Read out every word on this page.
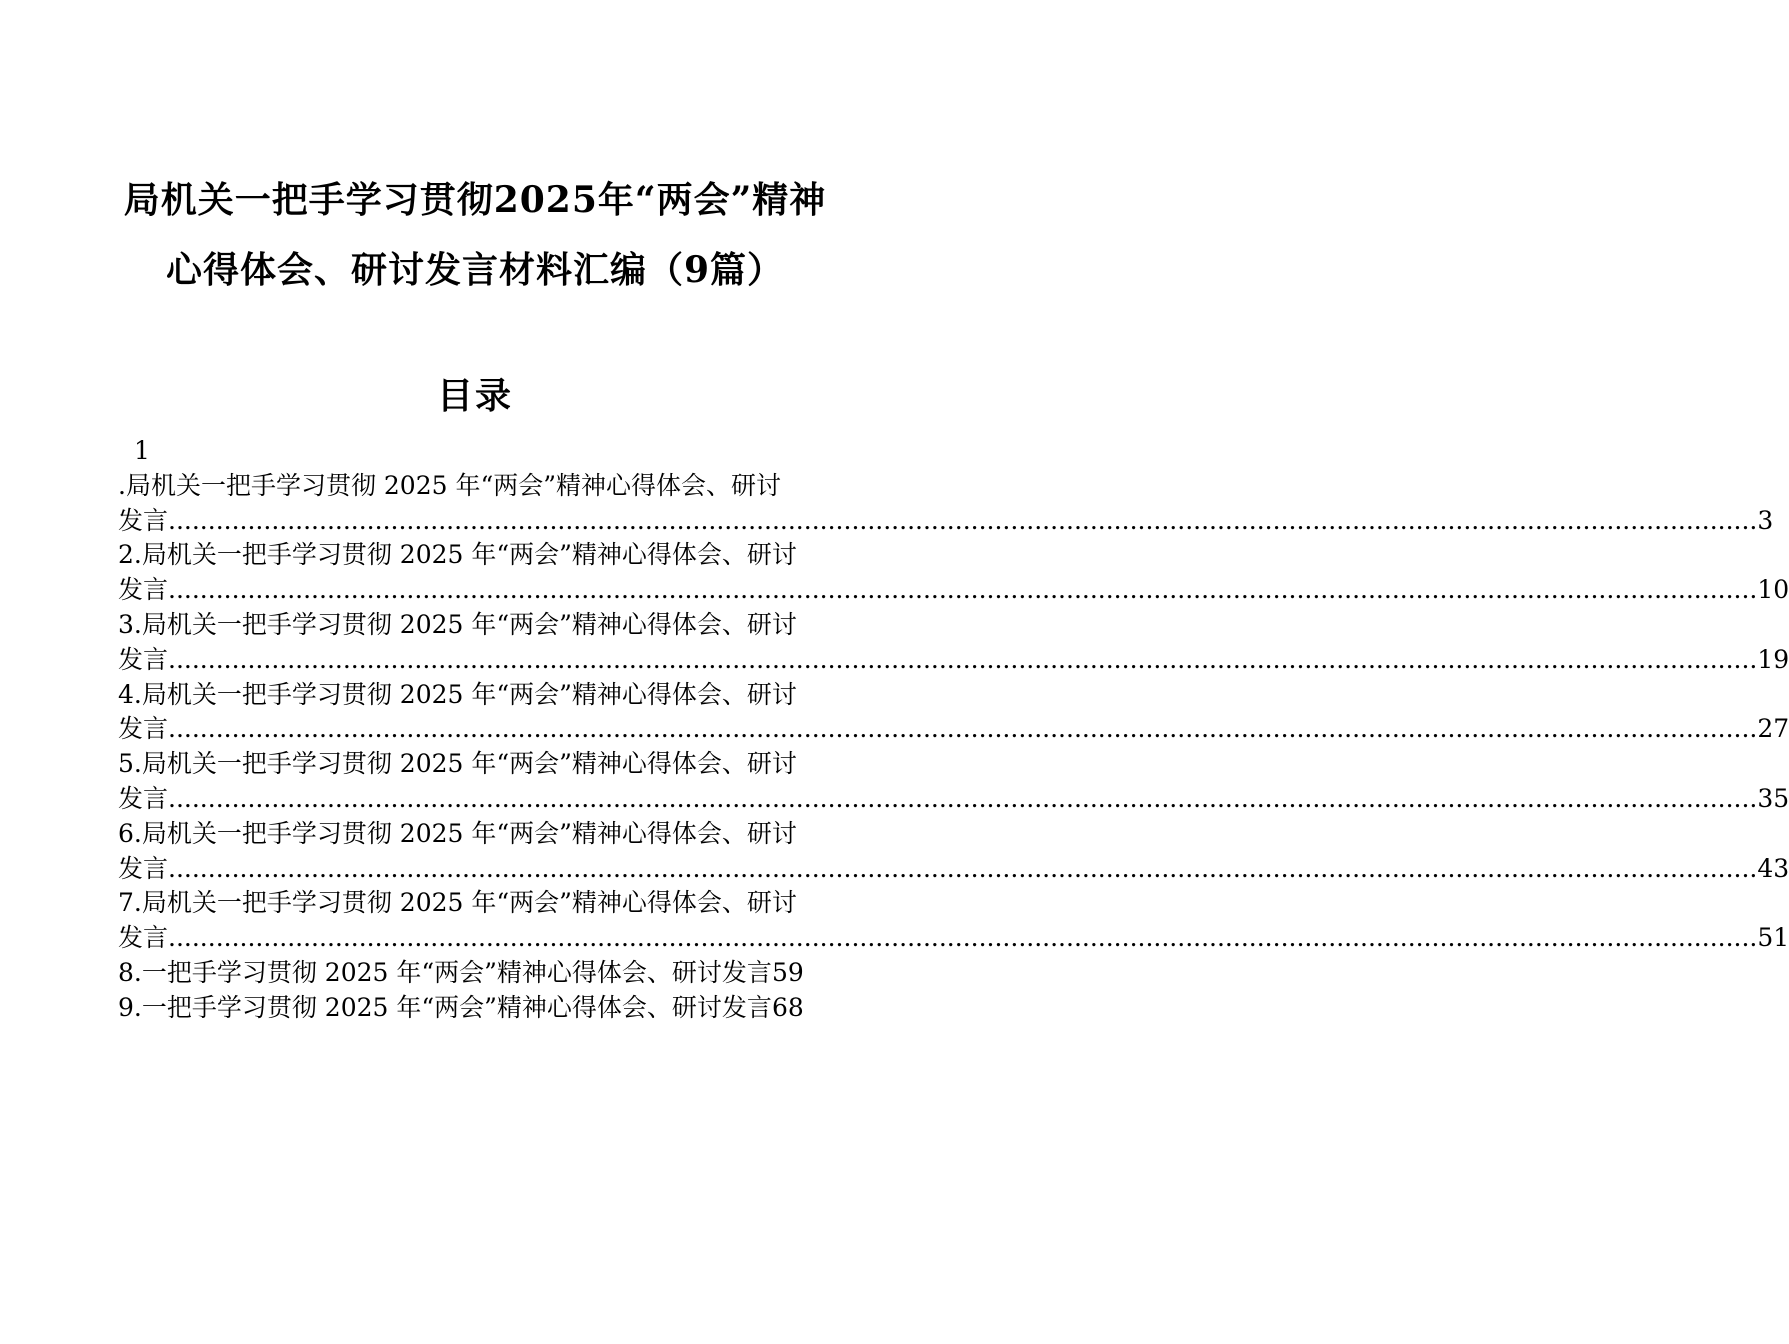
局机关一把手学习贯彻2025年“两会”精神
心得体会、研讨发言材料汇编（9篇）
目录
1
.局机关一把手学习贯彻 2025 年“两会”精神心得体会、研讨
发言 ........................................................................................................................................................................................................ 3
2.局机关一把手学习贯彻 2025 年“两会”精神心得体会、研讨
发言 ........................................................................................................................................................................................................ 10
3.局机关一把手学习贯彻 2025 年“两会”精神心得体会、研讨
发言 ........................................................................................................................................................................................................ 19
4.局机关一把手学习贯彻 2025 年“两会”精神心得体会、研讨
发言 ........................................................................................................................................................................................................ 27
5.局机关一把手学习贯彻 2025 年“两会”精神心得体会、研讨
发言 ........................................................................................................................................................................................................ 35
6.局机关一把手学习贯彻 2025 年“两会”精神心得体会、研讨
发言 ........................................................................................................................................................................................................ 43
7.局机关一把手学习贯彻 2025 年“两会”精神心得体会、研讨
发言 ........................................................................................................................................................................................................ 51
8.一把手学习贯彻 2025 年“两会”精神心得体会、研讨发言 59
9.一把手学习贯彻 2025 年“两会”精神心得体会、研讨发言 68
